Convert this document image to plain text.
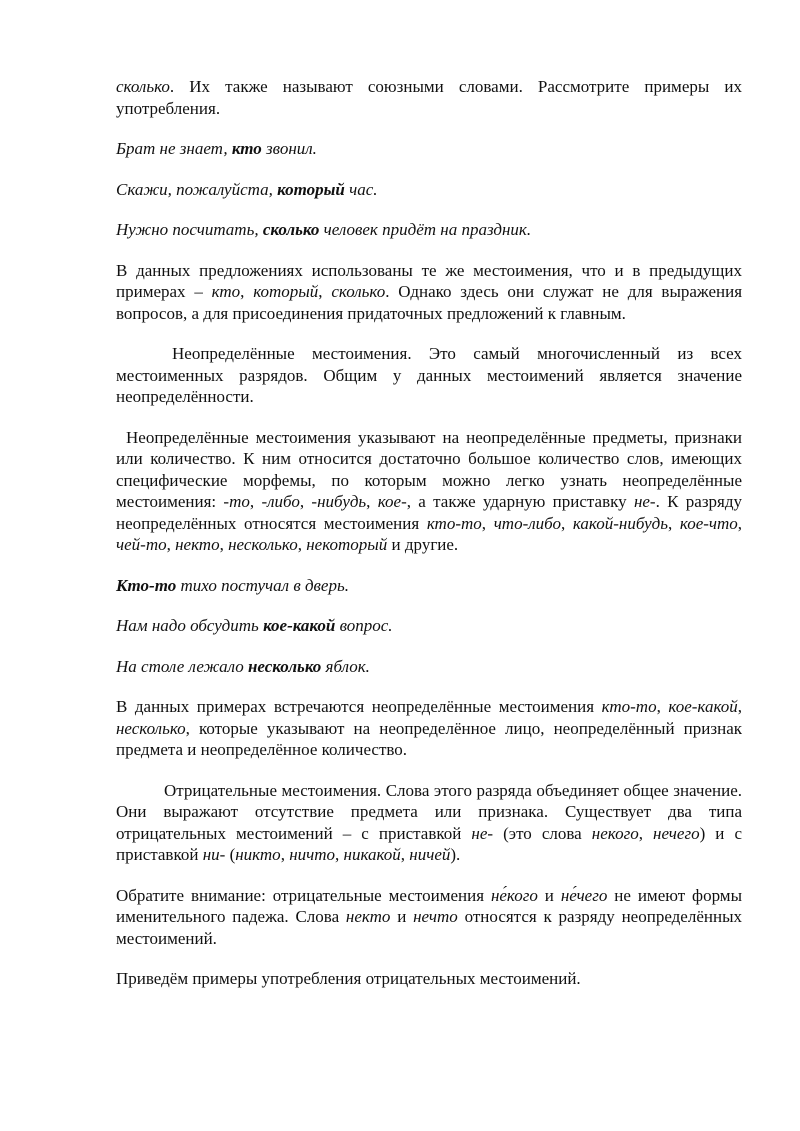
сколько. Их также называют союзными словами. Рассмотрите примеры их употребления.

Брат не знает, кто звонил.

Скажи, пожалуйста, который час.

Нужно посчитать, сколько человек придёт на праздник.

В данных предложениях использованы те же местоимения, что и в предыдущих примерах – кто, который, сколько. Однако здесь они служат не для выражения вопросов, а для присоединения придаточных предложений к главным.

Неопределённые местоимения. Это самый многочисленный из всех местоименных разрядов. Общим у данных местоимений является значение неопределённости.

Неопределённые местоимения указывают на неопределённые предметы, признаки или количество. К ним относится достаточно большое количество слов, имеющих специфические морфемы, по которым можно легко узнать неопределённые местоимения: -то, -либо, -нибудь, кое-, а также ударную приставку не-. К разряду неопределённых относятся местоимения кто-то, что-либо, какой-нибудь, кое-что, чей-то, некто, несколько, некоторый и другие.

Кто-то тихо постучал в дверь.

Нам надо обсудить кое-какой вопрос.

На столе лежало несколько яблок.

В данных примерах встречаются неопределённые местоимения кто-то, кое-какой, несколько, которые указывают на неопределённое лицо, неопределённый признак предмета и неопределённое количество.

Отрицательные местоимения. Слова этого разряда объединяет общее значение. Они выражают отсутствие предмета или признака. Существует два типа отрицательных местоимений – с приставкой не- (это слова некого, нечего) и с приставкой ни- (никто, ничто, никакой, ничей).

Обратите внимание: отрицательные местоимения не́кого и не́чего не имеют формы именительного падежа. Слова некто и нечто относятся к разряду неопределённых местоимений.

Приведём примеры употребления отрицательных местоимений.
